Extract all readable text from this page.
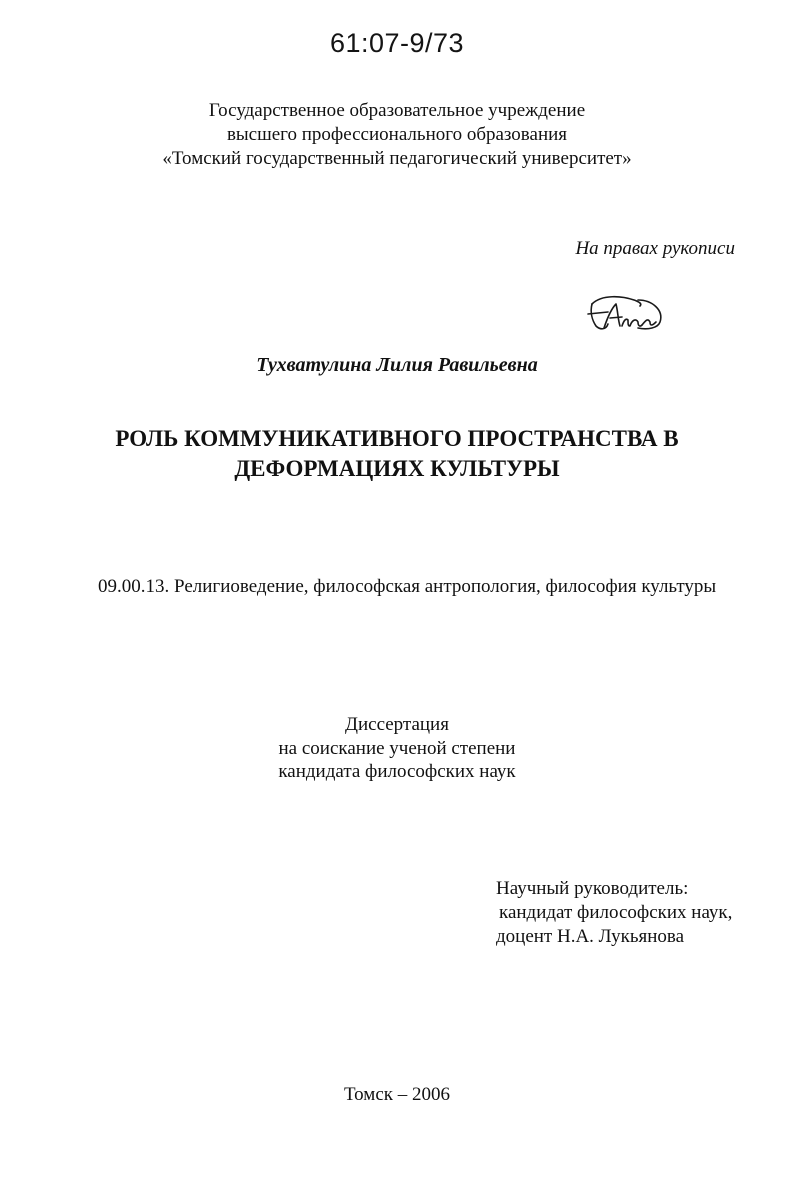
61:07-9/73
Государственное образовательное учреждение
высшего профессионального образования
«Томский государственный педагогический университет»
На правах рукописи
Тухватулина Лилия Равильевна
РОЛЬ КОММУНИКАТИВНОГО ПРОСТРАНСТВА В
ДЕФОРМАЦИЯХ КУЛЬТУРЫ
09.00.13. Религиоведение, философская антропология, философия культуры
Диссертация
на соискание ученой степени
кандидата философских наук
Научный руководитель:
кандидат философских наук,
доцент Н.А. Лукьянова
Томск – 2006
